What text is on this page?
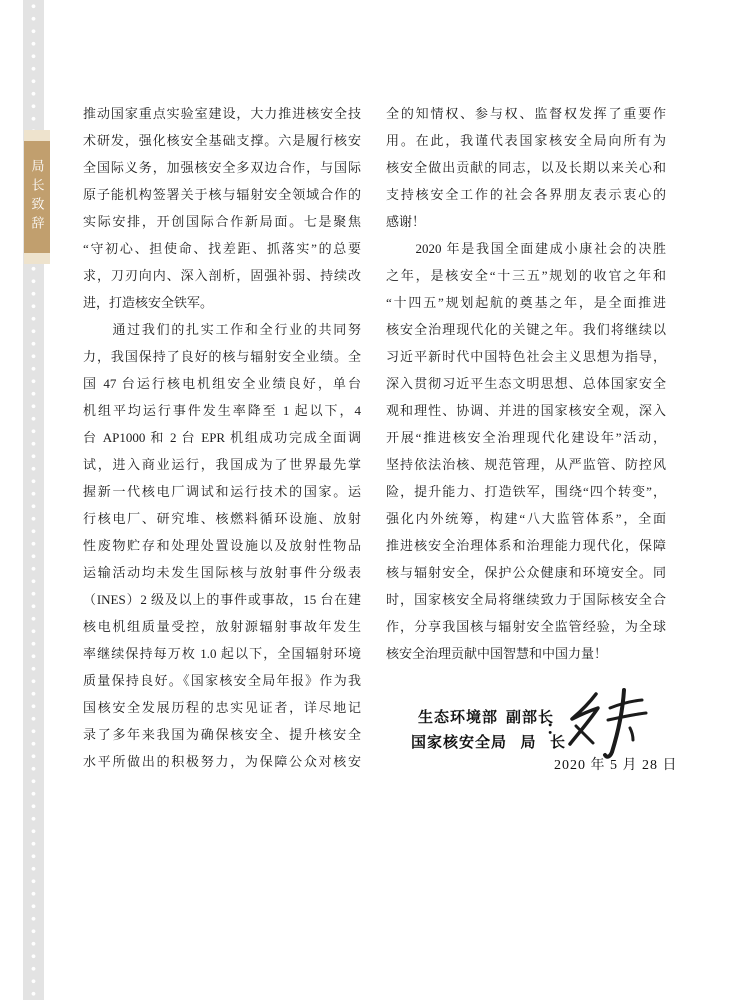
局长致辞
推动国家重点实验室建设，大力推进核安全技
术研发，强化核安全基础支撑。六是履行核安
全国际义务，加强核安全多双边合作，与国际
原子能机构签署关于核与辐射安全领域合作的
实际安排，开创国际合作新局面。七是聚焦
“守初心、担使命、找差距、抓落实”的总要
求，刀刃向内、深入剖析，固强补弱、持续改
进，打造核安全铁军。
　　通过我们的扎实工作和全行业的共同努
力，我国保持了良好的核与辐射安全业绩。全
国 47 台运行核电机组安全业绩良好，单台
机组平均运行事件发生率降至 1 起以下，4
台 AP1000 和 2 台 EPR 机组成功完成全面调
试，进入商业运行，我国成为了世界最先掌
握新一代核电厂调试和运行技术的国家。运
行核电厂、研究堆、核燃料循环设施、放射
性废物贮存和处理处置设施以及放射性物品
运输活动均未发生国际核与放射事件分级表
（INES）2 级及以上的事件或事故，15 台在建
核电机组质量受控，放射源辐射事故年发生
率继续保持每万枚 1.0 起以下，全国辐射环境
质量保持良好。《国家核安全局年报》作为我
国核安全发展历程的忠实见证者，详尽地记
录了多年来我国为确保核安全、提升核安全
水平所做出的积极努力，为保障公众对核安
全的知情权、参与权、监督权发挥了重要作
用。在此，我谨代表国家核安全局向所有为
核安全做出贡献的同志，以及长期以来关心和
支持核安全工作的社会各界朋友表示衷心的
感谢！
　　2020 年是我国全面建成小康社会的决胜
之年，是核安全“十三五”规划的收官之年和
“十四五”规划起航的奠基之年，是全面推进
核安全治理现代化的关键之年。我们将继续以
习近平新时代中国特色社会主义思想为指导，
深入贯彻习近平生态文明思想、总体国家安全
观和理性、协调、并进的国家核安全观，深入
开展“推进核安全治理现代化建设年”活动，
坚持依法治核、规范管理，从严监管、防控风
险，提升能力、打造铁军，围绕“四个转变”，
强化内外统筹，构建“八大监管体系”，全面
推进核安全治理体系和治理能力现代化，保障
核与辐射安全，保护公众健康和环境安全。同
时，国家核安全局将继续致力于国际核安全合
作，分享我国核与辐射安全监管经验，为全球
核安全治理贡献中国智慧和中国力量！
生态环境部 副部长
国家核安全局 局 长
：
2020 年 5 月 28 日
